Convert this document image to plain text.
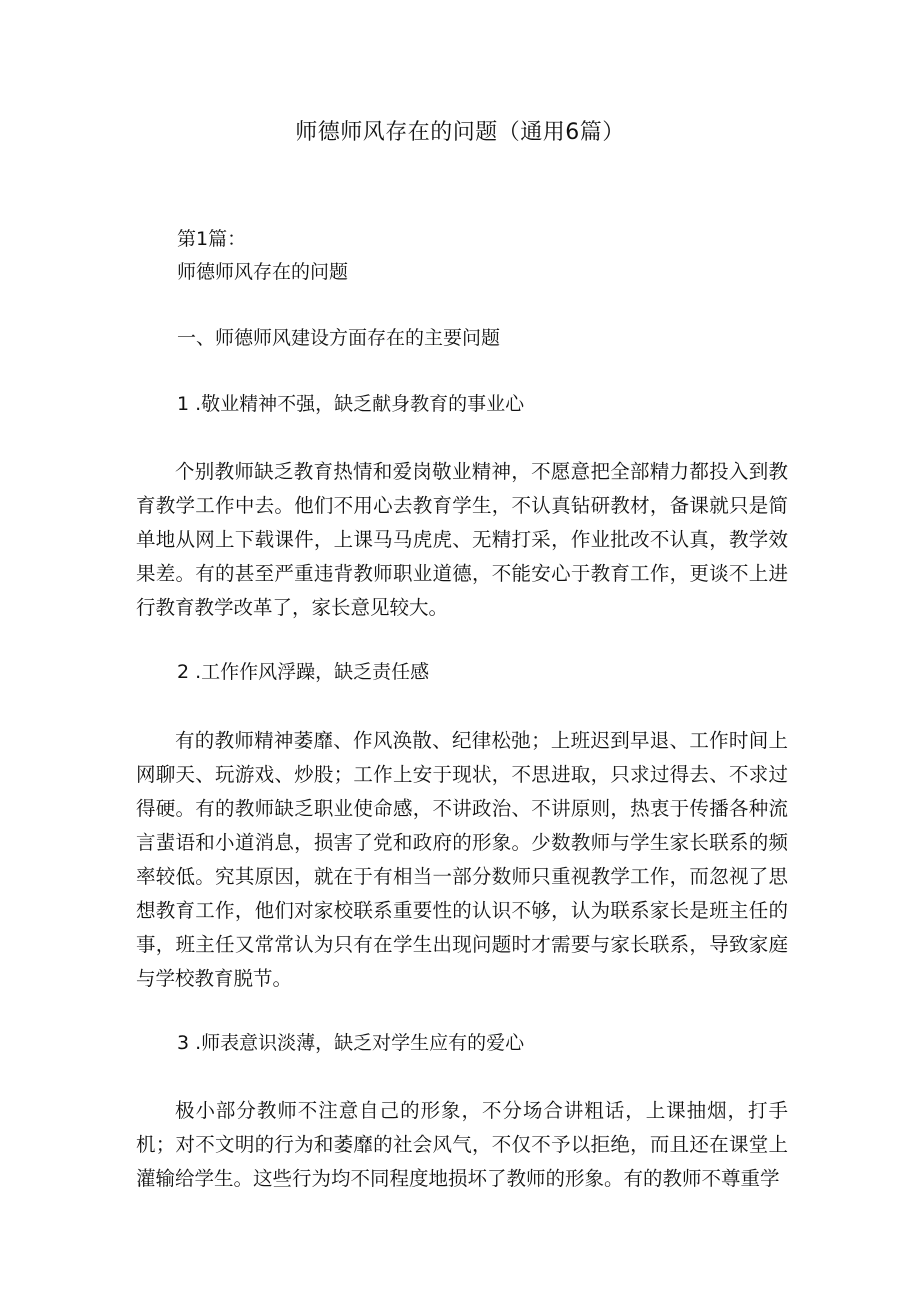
师德师风存在的问题（通用6篇）
第1篇：
师德师风存在的问题
一、师德师风建设方面存在的主要问题
1 .敬业精神不强，缺乏献身教育的事业心

个别教师缺乏教育热情和爱岗敬业精神，不愿意把全部精力都投入到教育教学工作中去。他们不用心去教育学生，不认真钻研教材，备课就只是简单地从网上下载课件，上课马马虎虎、无精打采，作业批改不认真，教学效果差。有的甚至严重违背教师职业道德，不能安心于教育工作，更谈不上进行教育教学改革了，家长意见较大。

2 .工作作风浮躁，缺乏责任感

有的教师精神萎靡、作风涣散、纪律松弛；上班迟到早退、工作时间上网聊天、玩游戏、炒股；工作上安于现状，不思进取，只求过得去、不求过得硬。有的教师缺乏职业使命感，不讲政治、不讲原则，热衷于传播各种流言蜚语和小道消息，损害了党和政府的形象。少数教师与学生家长联系的频率较低。究其原因，就在于有相当一部分数师只重视教学工作，而忽视了思想教育工作，他们对家校联系重要性的认识不够，认为联系家长是班主任的事，班主任又常常认为只有在学生出现问题时才需要与家长联系，导致家庭与学校教育脱节。

3 .师表意识淡薄，缺乏对学生应有的爱心

极小部分教师不注意自己的形象，不分场合讲粗话，上课抽烟，打手机；对不文明的行为和萎靡的社会风气，不仅不予以拒绝，而且还在课堂上灌输给学生。这些行为均不同程度地损坏了教师的形象。有的教师不尊重学
